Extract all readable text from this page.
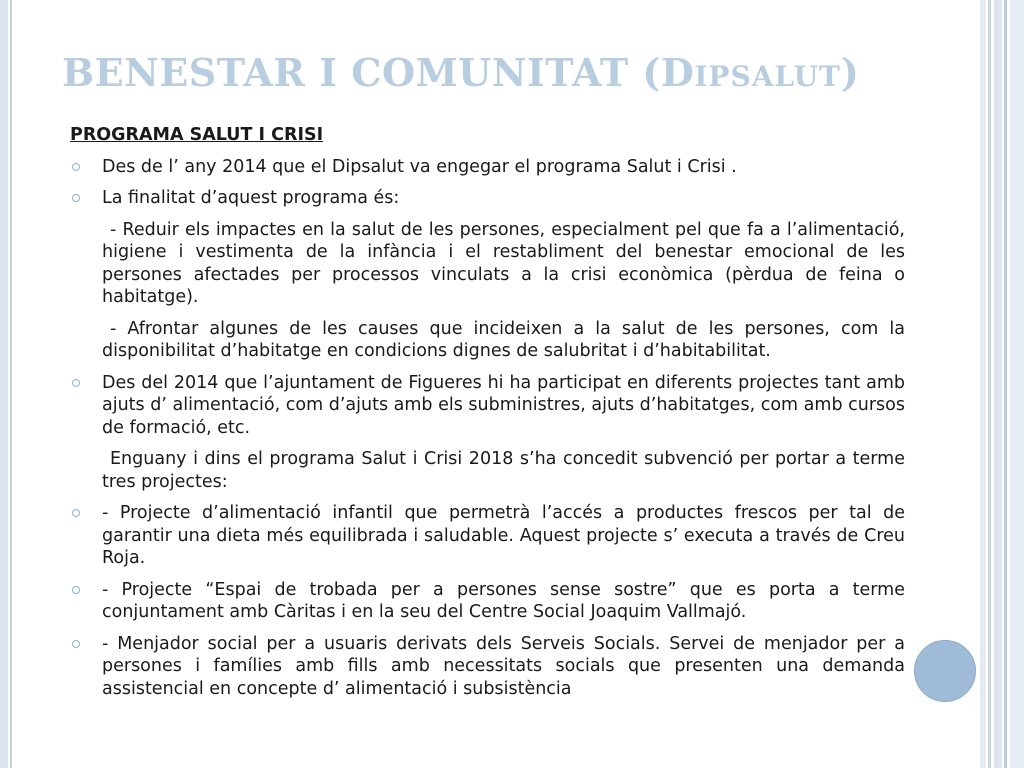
BENESTAR I COMUNITAT (DIPSALUT)
PROGRAMA SALUT I CRISI
Des de l’ any 2014 que el Dipsalut va engegar el programa Salut i Crisi .
La finalitat d’aquest programa és:
- Reduir els impactes en la salut de les persones, especialment pel que fa a l’alimentació, higiene i vestimenta de la infància i el restabliment del benestar emocional de les persones afectades per processos vinculats a la crisi econòmica (pèrdua de feina o habitatge).
- Afrontar algunes de les causes que incideixen a la salut de les persones, com la disponibilitat d’habitatge en condicions dignes de salubritat i d’habitabilitat.
Des del 2014 que l’ajuntament de Figueres hi ha participat en diferents projectes tant amb ajuts d’ alimentació, com d’ajuts amb els subministres, ajuts d’habitatges, com amb cursos de formació, etc.
Enguany i dins el programa Salut i Crisi 2018 s’ha concedit subvenció per portar a terme tres projectes:
- Projecte d’alimentació infantil que permetrà l’accés a productes frescos per tal de garantir una dieta més equilibrada i saludable. Aquest projecte s’ executa a través de Creu Roja.
- Projecte “Espai de trobada per a persones sense sostre” que es porta a terme conjuntament amb Càritas i en la seu del Centre Social Joaquim Vallmajó.
- Menjador social per a usuaris derivats dels Serveis Socials. Servei de menjador per a persones i famílies amb fills amb necessitats socials que presenten una demanda assistencial en concepte d’ alimentació i subsistència
